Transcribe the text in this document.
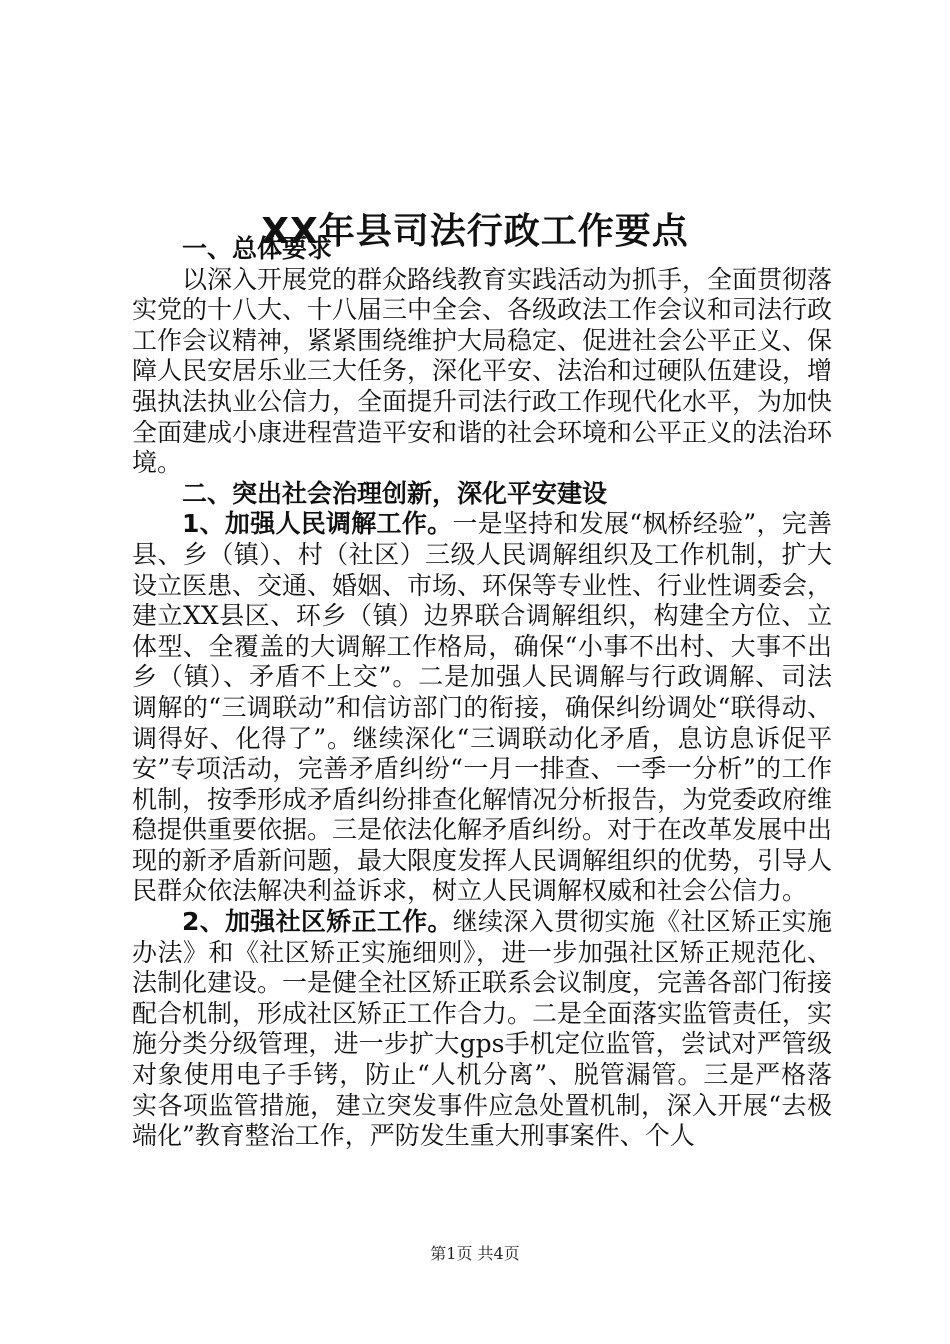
XX年县司法行政工作要点

一、总体要求

以深入开展党的群众路线教育实践活动为抓手，全面贯彻落实党的十八大、十八届三中全会、各级政法工作会议和司法行政工作会议精神，紧紧围绕维护大局稳定、促进社会公平正义、保障人民安居乐业三大任务，深化平安、法治和过硬队伍建设，增强执法执业公信力，全面提升司法行政工作现代化水平，为加快全面建成小康进程营造平安和谐的社会环境和公平正义的法治环境。

二、突出社会治理创新，深化平安建设

1、加强人民调解工作。一是坚持和发展“枫桥经验”，完善县、乡（镇）、村（社区）三级人民调解组织及工作机制，扩大设立医患、交通、婚姻、市场、环保等专业性、行业性调委会，建立XX县区、环乡（镇）边界联合调解组织，构建全方位、立体型、全覆盖的大调解工作格局，确保“小事不出村、大事不出乡（镇）、矛盾不上交”。二是加强人民调解与行政调解、司法调解的“三调联动”和信访部门的衔接，确保纠纷调处“联得动、调得好、化得了”。继续深化“三调联动化矛盾，息访息诉促平安”专项活动，完善矛盾纠纷“一月一排查、一季一分析”的工作机制，按季形成矛盾纠纷排查化解情况分析报告，为党委政府维稳提供重要依据。三是依法化解矛盾纠纷。对于在改革发展中出现的新矛盾新问题，最大限度发挥人民调解组织的优势，引导人民群众依法解决利益诉求，树立人民调解权威和社会公信力。

2、加强社区矫正工作。继续深入贯彻实施《社区矫正实施办法》和《社区矫正实施细则》，进一步加强社区矫正规范化、法制化建设。一是健全社区矫正联系会议制度，完善各部门衔接配合机制，形成社区矫正工作合力。二是全面落实监管责任，实施分类分级管理，进一步扩大gps手机定位监管，尝试对严管级对象使用电子手铐，防止“人机分离”、脱管漏管。三是严格落实各项监管措施，建立突发事件应急处置机制，深入开展“去极端化”教育整治工作，严防发生重大刑事案件、个人

第1页 共4页
